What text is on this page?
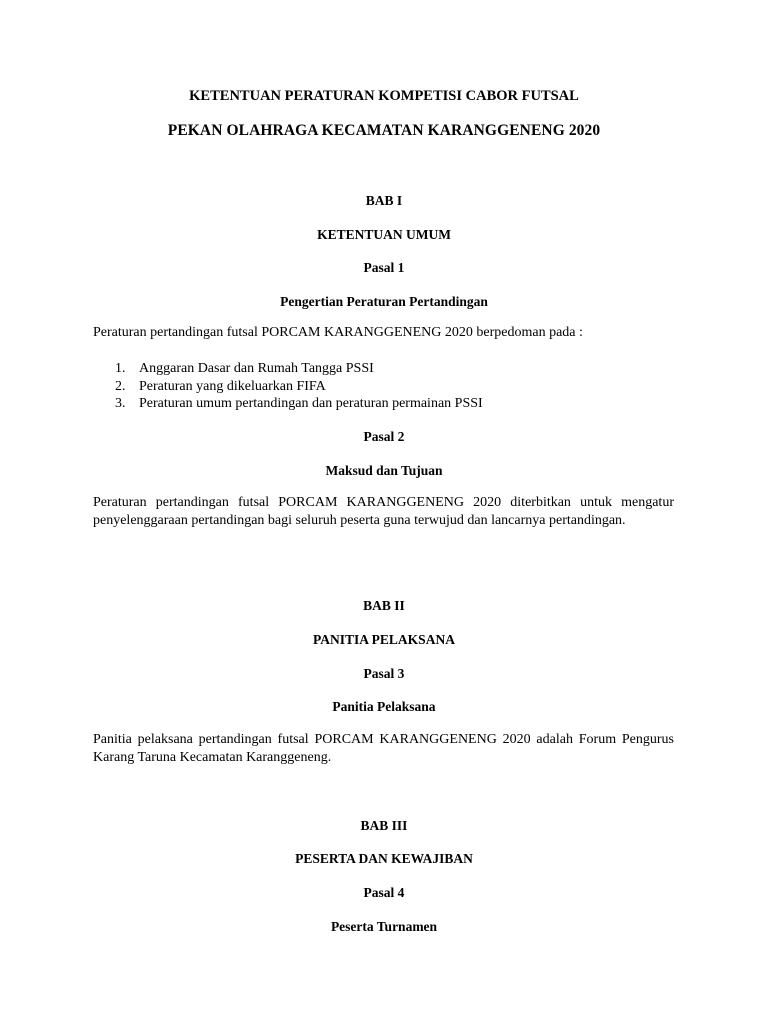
KETENTUAN PERATURAN KOMPETISI CABOR FUTSAL
PEKAN OLAHRAGA KECAMATAN KARANGGENENG 2020
BAB I
KETENTUAN UMUM
Pasal 1
Pengertian Peraturan Pertandingan
Peraturan pertandingan futsal PORCAM KARANGGENENG 2020 berpedoman pada :
1. Anggaran Dasar dan Rumah Tangga PSSI
2. Peraturan yang dikeluarkan FIFA
3. Peraturan umum pertandingan dan peraturan permainan PSSI
Pasal 2
Maksud dan Tujuan
Peraturan pertandingan futsal PORCAM KARANGGENENG 2020 diterbitkan untuk mengatur penyelenggaraan pertandingan bagi seluruh peserta guna terwujud dan lancarnya pertandingan.
BAB II
PANITIA PELAKSANA
Pasal 3
Panitia Pelaksana
Panitia pelaksana pertandingan futsal PORCAM KARANGGENENG 2020 adalah Forum Pengurus Karang Taruna Kecamatan Karanggeneng.
BAB III
PESERTA DAN KEWAJIBAN
Pasal 4
Peserta Turnamen
